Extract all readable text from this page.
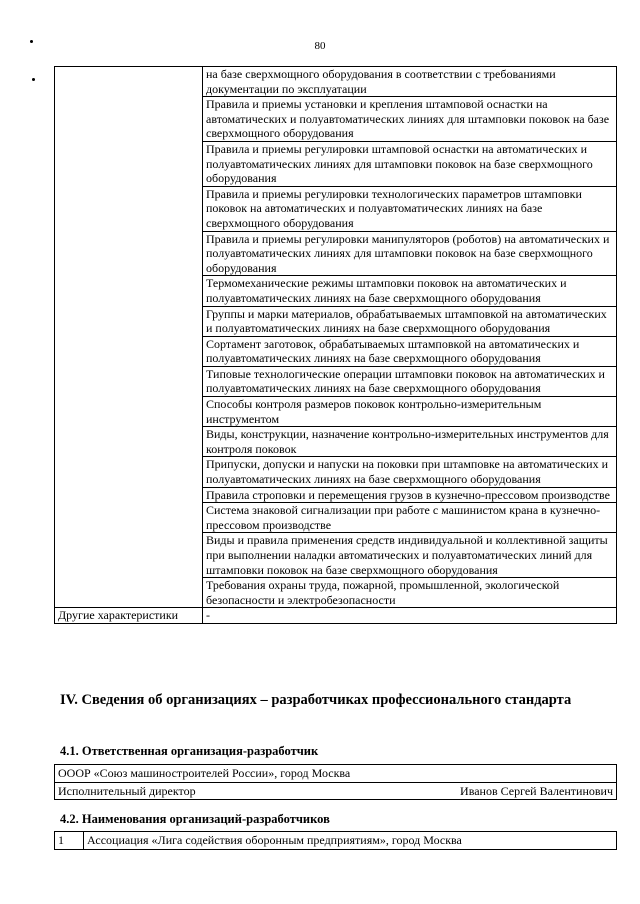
80
	на базе сверхмощного оборудования в соответствии с требованиями документации по эксплуатации
	Правила и приемы установки и крепления штамповой оснастки на автоматических и полуавтоматических линиях для штамповки поковок на базе сверхмощного оборудования
	Правила и приемы регулировки штамповой оснастки на автоматических и полуавтоматических линиях для штамповки поковок на базе сверхмощного оборудования
	Правила и приемы регулировки технологических параметров штамповки поковок на автоматических и полуавтоматических линиях на базе сверхмощного оборудования
	Правила и приемы регулировки манипуляторов (роботов) на автоматических и полуавтоматических линиях для штамповки поковок на базе сверхмощного оборудования
	Термомеханические режимы штамповки поковок на автоматических и полуавтоматических линиях на базе сверхмощного оборудования
	Группы и марки материалов, обрабатываемых штамповкой на автоматических и полуавтоматических линиях на базе сверхмощного оборудования
	Сортамент заготовок, обрабатываемых штамповкой на автоматических и полуавтоматических линиях на базе сверхмощного оборудования
	Типовые технологические операции штамповки поковок на автоматических и полуавтоматических линиях на базе сверхмощного оборудования
	Способы контроля размеров поковок контрольно-измерительным инструментом
	Виды, конструкции, назначение контрольно-измерительных инструментов для контроля поковок
	Припуски, допуски и напуски на поковки при штамповке на автоматических и полуавтоматических линиях на базе сверхмощного оборудования
	Правила строповки и перемещения грузов в кузнечно-прессовом производстве
	Система знаковой сигнализации при работе с машинистом крана в кузнечно-прессовом производстве
	Виды и правила применения средств индивидуальной и коллективной защиты при выполнении наладки автоматических и полуавтоматических линий для штамповки поковок на базе сверхмощного оборудования
	Требования охраны труда, пожарной, промышленной, экологической безопасности и электробезопасности
Другие характеристики	-
IV. Сведения об организациях – разработчиках профессионального стандарта
4.1. Ответственная организация-разработчик
ОООР «Союз машиностроителей России», город Москва
Исполнительный директор	Иванов Сергей Валентинович
4.2. Наименования организаций-разработчиков
1	Ассоциация «Лига содействия оборонным предприятиям», город Москва
